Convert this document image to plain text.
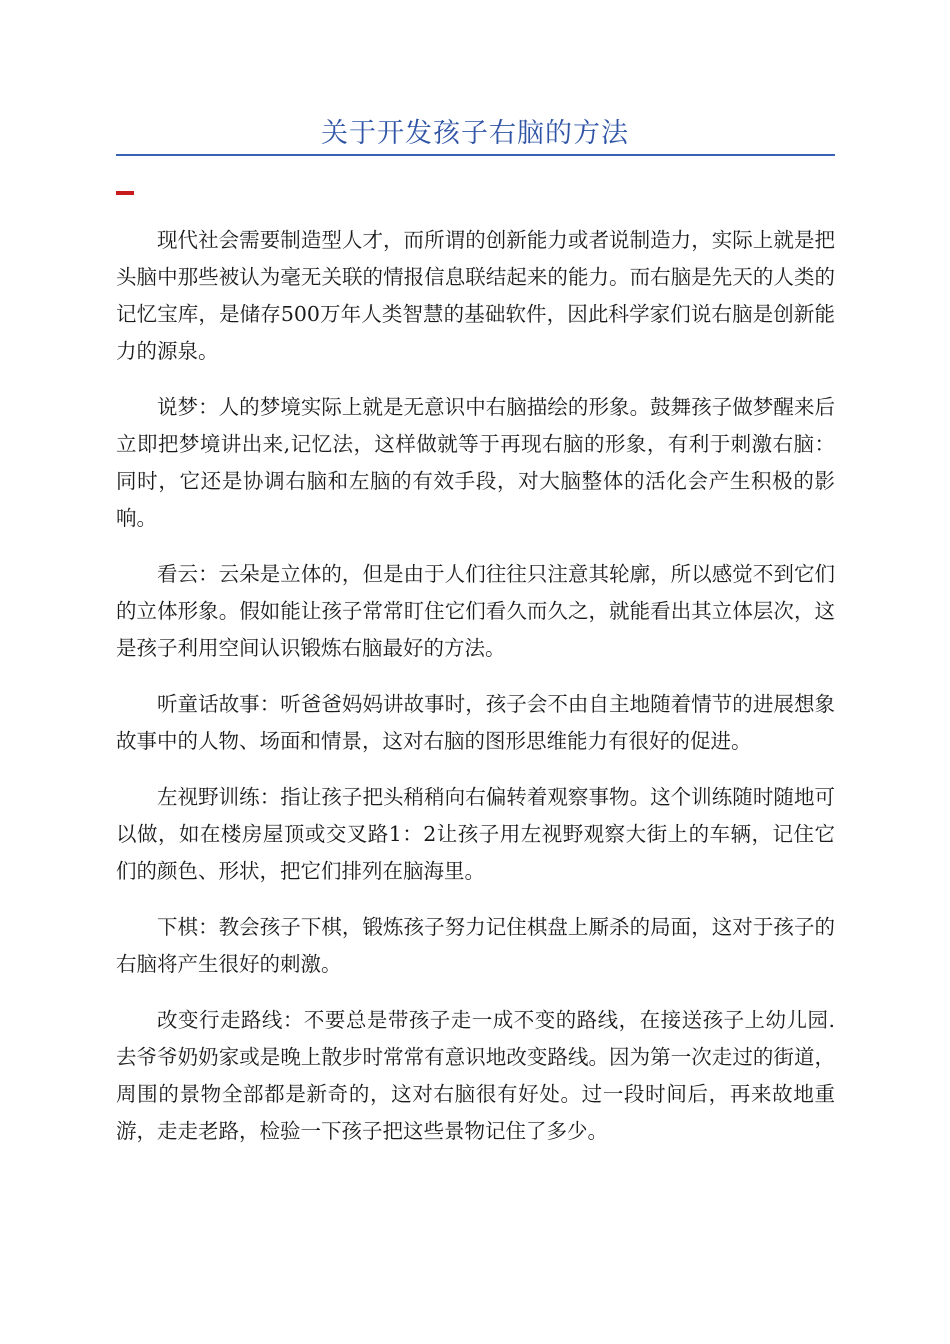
关于开发孩子右脑的方法

现代社会需要制造型人才，而所谓的创新能力或者说制造力，实际上就是把头脑中那些被认为毫无关联的情报信息联结起来的能力。而右脑是先天的人类的记忆宝库，是储存500万年人类智慧的基础软件，因此科学家们说右脑是创新能力的源泉。

说梦：人的梦境实际上就是无意识中右脑描绘的形象。鼓舞孩子做梦醒来后立即把梦境讲出来,记忆法，这样做就等于再现右脑的形象，有利于刺激右脑：同时，它还是协调右脑和左脑的有效手段，对大脑整体的活化会产生积极的影响。

看云：云朵是立体的，但是由于人们往往只注意其轮廓，所以感觉不到它们的立体形象。假如能让孩子常常盯住它们看久而久之，就能看出其立体层次，这是孩子利用空间认识锻炼右脑最好的方法。

听童话故事：听爸爸妈妈讲故事时，孩子会不由自主地随着情节的进展想象故事中的人物、场面和情景，这对右脑的图形思维能力有很好的促进。

左视野训练：指让孩子把头稍稍向右偏转着观察事物。这个训练随时随地可以做，如在楼房屋顶或交叉路1：2让孩子用左视野观察大街上的车辆，记住它们的颜色、形状，把它们排列在脑海里。

下棋：教会孩子下棋，锻炼孩子努力记住棋盘上厮杀的局面，这对于孩子的右脑将产生很好的刺激。

改变行走路线：不要总是带孩子走一成不变的路线，在接送孩子上幼儿园.去爷爷奶奶家或是晚上散步时常常有意识地改变路线。因为第一次走过的街道，周围的景物全部都是新奇的，这对右脑很有好处。过一段时间后，再来故地重游，走走老路，检验一下孩子把这些景物记住了多少。
